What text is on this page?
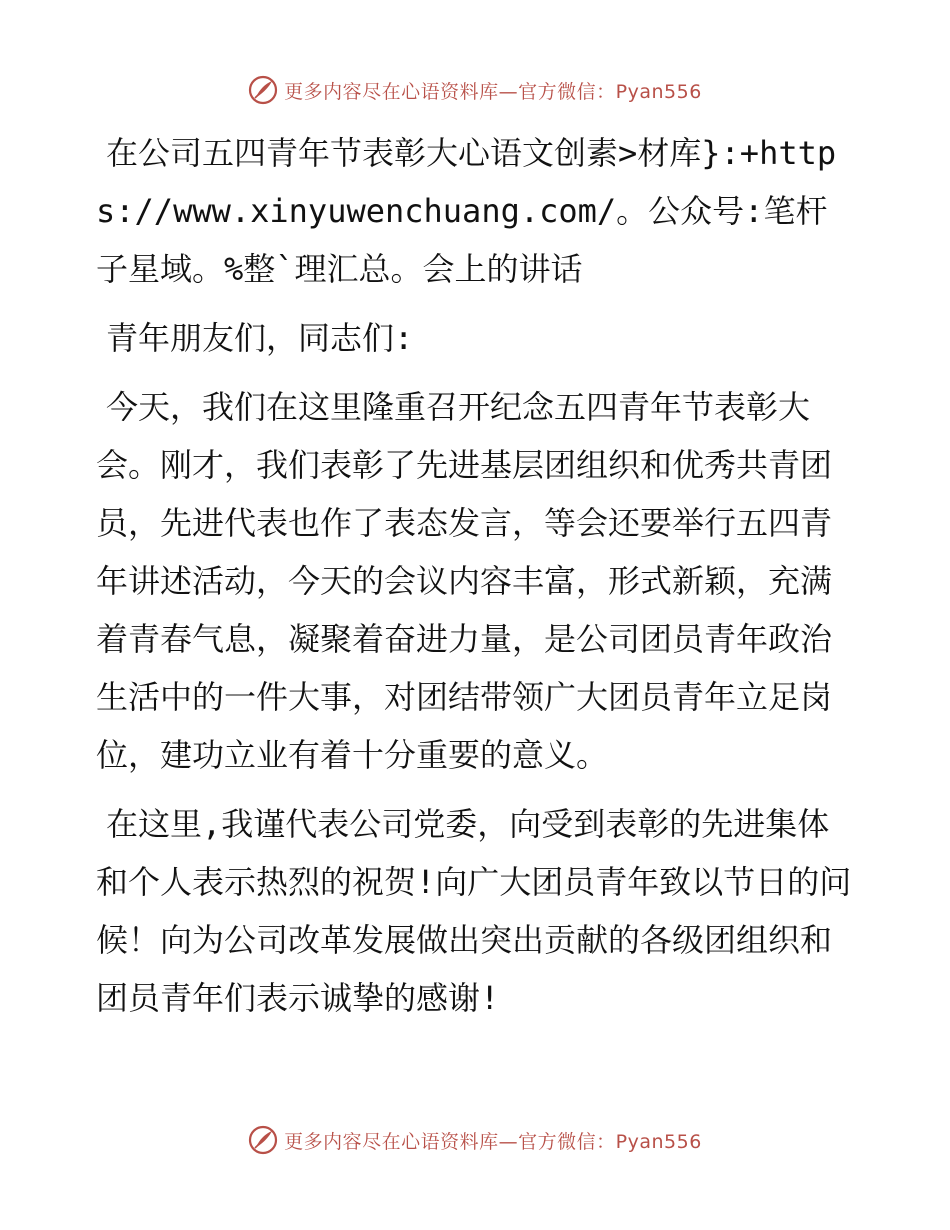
更多内容尽在心语资料库—官方微信：Pyan556

在公司五四青年节表彰大心语文创素>材库}:+https://www.xinyuwenchuang.com/。公众号:笔杆子星域。%整`理汇总。会上的讲话

青年朋友们，同志们:

今天，我们在这里隆重召开纪念五四青年节表彰大会。刚才，我们表彰了先进基层团组织和优秀共青团员，先进代表也作了表态发言，等会还要举行五四青年讲述活动，今天的会议内容丰富，形式新颖，充满着青春气息，凝聚着奋进力量，是公司团员青年政治生活中的一件大事，对团结带领广大团员青年立足岗位，建功立业有着十分重要的意义。

在这里,我谨代表公司党委，向受到表彰的先进集体和个人表示热烈的祝贺!向广大团员青年致以节日的问候！向为公司改革发展做出突出贡献的各级团组织和团员青年们表示诚挚的感谢!

更多内容尽在心语资料库—官方微信：Pyan556
